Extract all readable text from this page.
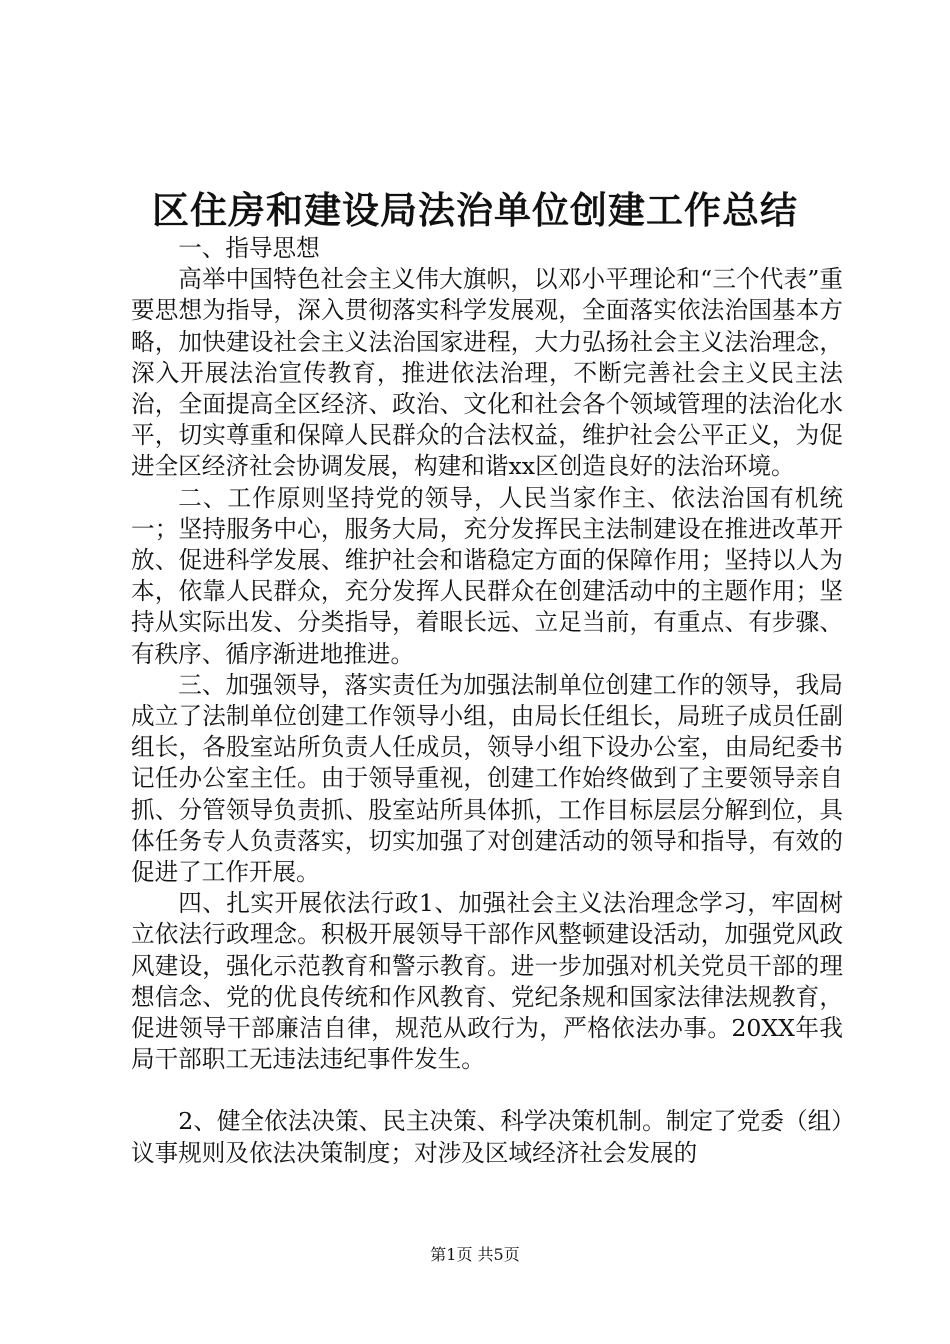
区住房和建设局法治单位创建工作总结

一、指导思想

高举中国特色社会主义伟大旗帜，以邓小平理论和“三个代表”重要思想为指导，深入贯彻落实科学发展观，全面落实依法治国基本方略，加快建设社会主义法治国家进程，大力弘扬社会主义法治理念，深入开展法治宣传教育，推进依法治理，不断完善社会主义民主法治，全面提高全区经济、政治、文化和社会各个领域管理的法治化水平，切实尊重和保障人民群众的合法权益，维护社会公平正义，为促进全区经济社会协调发展，构建和谐xx区创造良好的法治环境。

二、工作原则坚持党的领导，人民当家作主、依法治国有机统一；坚持服务中心，服务大局，充分发挥民主法制建设在推进改革开放、促进科学发展、维护社会和谐稳定方面的保障作用；坚持以人为本，依靠人民群众，充分发挥人民群众在创建活动中的主题作用；坚持从实际出发、分类指导，着眼长远、立足当前，有重点、有步骤、有秩序、循序渐进地推进。

三、加强领导，落实责任为加强法制单位创建工作的领导，我局成立了法制单位创建工作领导小组，由局长任组长，局班子成员任副组长，各股室站所负责人任成员，领导小组下设办公室，由局纪委书记任办公室主任。由于领导重视，创建工作始终做到了主要领导亲自抓、分管领导负责抓、股室站所具体抓，工作目标层层分解到位，具体任务专人负责落实，切实加强了对创建活动的领导和指导，有效的促进了工作开展。

四、扎实开展依法行政1、加强社会主义法治理念学习，牢固树立依法行政理念。积极开展领导干部作风整顿建设活动，加强党风政风建设，强化示范教育和警示教育。进一步加强对机关党员干部的理想信念、党的优良传统和作风教育、党纪条规和国家法律法规教育，促进领导干部廉洁自律，规范从政行为，严格依法办事。20XX年我局干部职工无违法违纪事件发生。

2、健全依法决策、民主决策、科学决策机制。制定了党委（组）议事规则及依法决策制度；对涉及区域经济社会发展的

第1页 共5页
